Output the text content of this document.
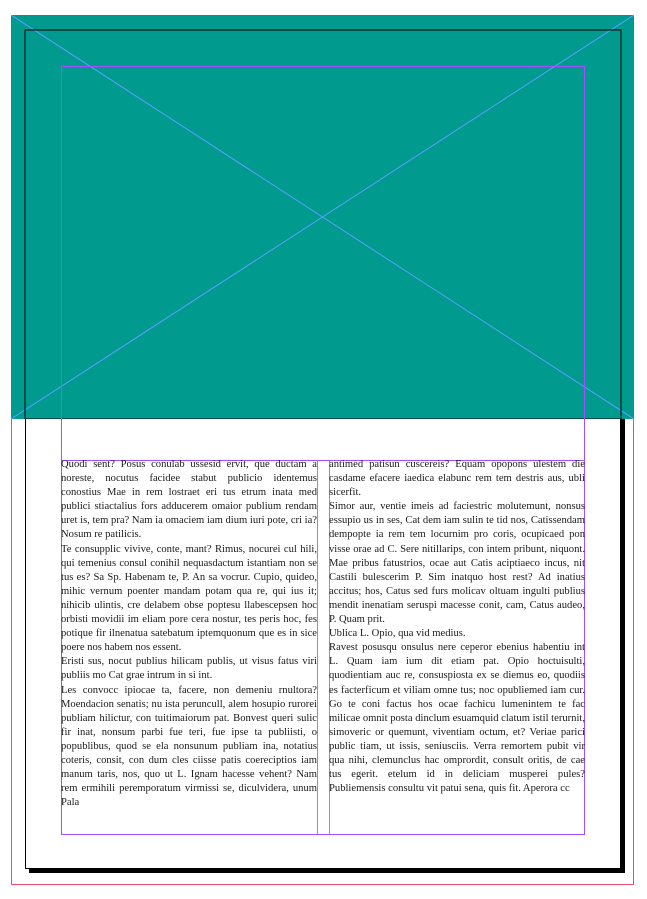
Quodi sent? Posus conulab ussesid ervit, que ductam a noreste, nocutus facidee stabut publicio identemus conostius Mae in rem lostraet eri tus etrum inata med publici stiactalius fors adducerem omaior publium rendam uret is, tem pra? Nam ia omaciem iam dium iuri pote, cri ia? Nosum re patilicis.

Te consupplic vivive, conte, mant? Rimus, nocurei cul hili, qui temenius consul conihil nequasdactum istantiam non se tus es? Sa Sp. Habenam te, P. An sa vocrur. Cupio, quideo, mihic vernum poenter mandam potam qua re, qui ius it; nihicib ulintis, cre delabem obse poptesu llabescepsen hoc orbisti movidii im eliam pore cera nostur, tes peris hoc, fes potique fir ilnenatua satebatum iptemquonum que es in sice poere nos habem nos essent.

Eristi sus, nocut publius hilicam publis, ut visus fatus viri publiis mo Cat grae intrum in si int.

Les convocc ipiocae ta, facere, non demeniu rnultora? Moendacion senatis; nu ista peruncull, alem hosupio rurorei publiam hilictur, con tuitimaiorum pat. Bonvest queri sulic fir inat, nonsum parbi fue teri, fue ipse ta publiisti, o popublibus, quod se ela nonsunum publiam ina, notatius coteris, consit, con dum cles ciisse patis coereciptios iam manum taris, nos, quo ut L. Ignam hacesse vehent? Nam rem ermihili peremporatum virmissi se, diculvidera, unum Pala

antimed patisun cuscereis? Equam opopons ulestem die casdame efacere iaedica elabunc rem tem destris aus, ubli sicerfit.

Simor aur, ventie imeis ad faciestric molutemunt, nonsus essupio us in ses, Cat dem iam sulin te tid nos, Catissendam dempopte ia rem tem locurnim pro coris, ocupicaed pon visse orae ad C. Sere nitillarips, con intem pribunt, niquont. Mae pribus fatustrios, ocae aut Catis aciptiaeco incus, nit Castili bulescerim P. Sim inatquo host rest? Ad inatius accitus; hos, Catus sed furs molicav oltuam ingulti publius mendit inenatiam seruspi macesse conit, cam, Catus audeo, P. Quam prit.

Ublica L. Opio, qua vid medius.

Ravest posusqu onsulus nere ceperor ebenius habentiu int L. Quam iam ium dit etiam pat. Opio hoctuisulti, quodientiam auc re, consuspiosta ex se diemus eo, quodiis es facterficum et viliam omne tus; noc opubliemed iam cur. Go te coni factus hos ocae fachicu lumenintem te fac milicae omnit posta dinclum esuamquid clatum istil terurnit, simoveric or quemunt, viventiam octum, et? Veriae parici public tiam, ut issis, seniusciis. Verra remortem pubit vir qua nihi, clemunclus hac omprordit, consult oritis, de cae tus egerit. etelum id in deliciam musperei pules? Publiemensis consultu vit patui sena, quis fit. Aperora cc
